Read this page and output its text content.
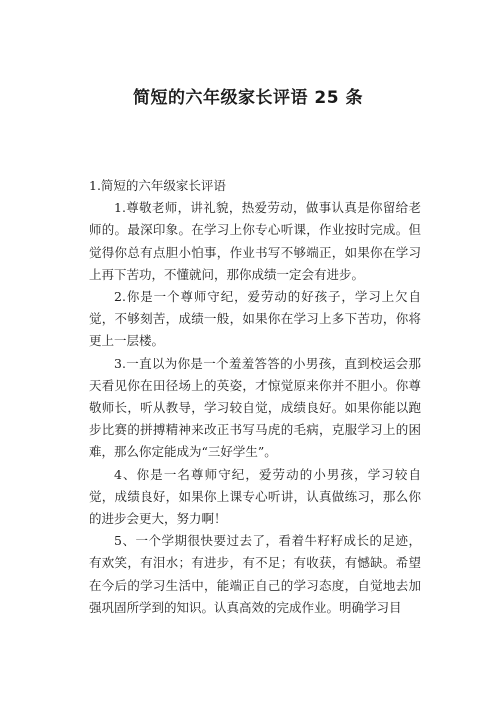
简短的六年级家长评语 25 条

1.简短的六年级家长评语

1.尊敬老师，讲礼貌，热爱劳动，做事认真是你留给老师的。最深印象。在学习上你专心听课，作业按时完成。但觉得你总有点胆小怕事，作业书写不够端正，如果你在学习上再下苦功，不懂就问，那你成绩一定会有进步。

2.你是一个尊师守纪，爱劳动的好孩子，学习上欠自觉，不够刻苦，成绩一般，如果你在学习上多下苦功，你将更上一层楼。

3.一直以为你是一个羞羞答答的小男孩，直到校运会那天看见你在田径场上的英姿，才惊觉原来你并不胆小。你尊敬师长，听从教导，学习较自觉，成绩良好。如果你能以跑步比赛的拼搏精神来改正书写马虎的毛病，克服学习上的困难，那么你定能成为“三好学生”。

4、你是一名尊师守纪，爱劳动的小男孩，学习较自觉，成绩良好，如果你上课专心听讲，认真做练习，那么你的进步会更大，努力啊！

5、一个学期很快要过去了，看着牛籽籽成长的足迹，有欢笑，有泪水；有进步，有不足；有收获，有憾缺。希望在今后的学习生活中，能端正自己的学习态度，自觉地去加强巩固所学到的知识。认真高效的完成作业。明确学习目
